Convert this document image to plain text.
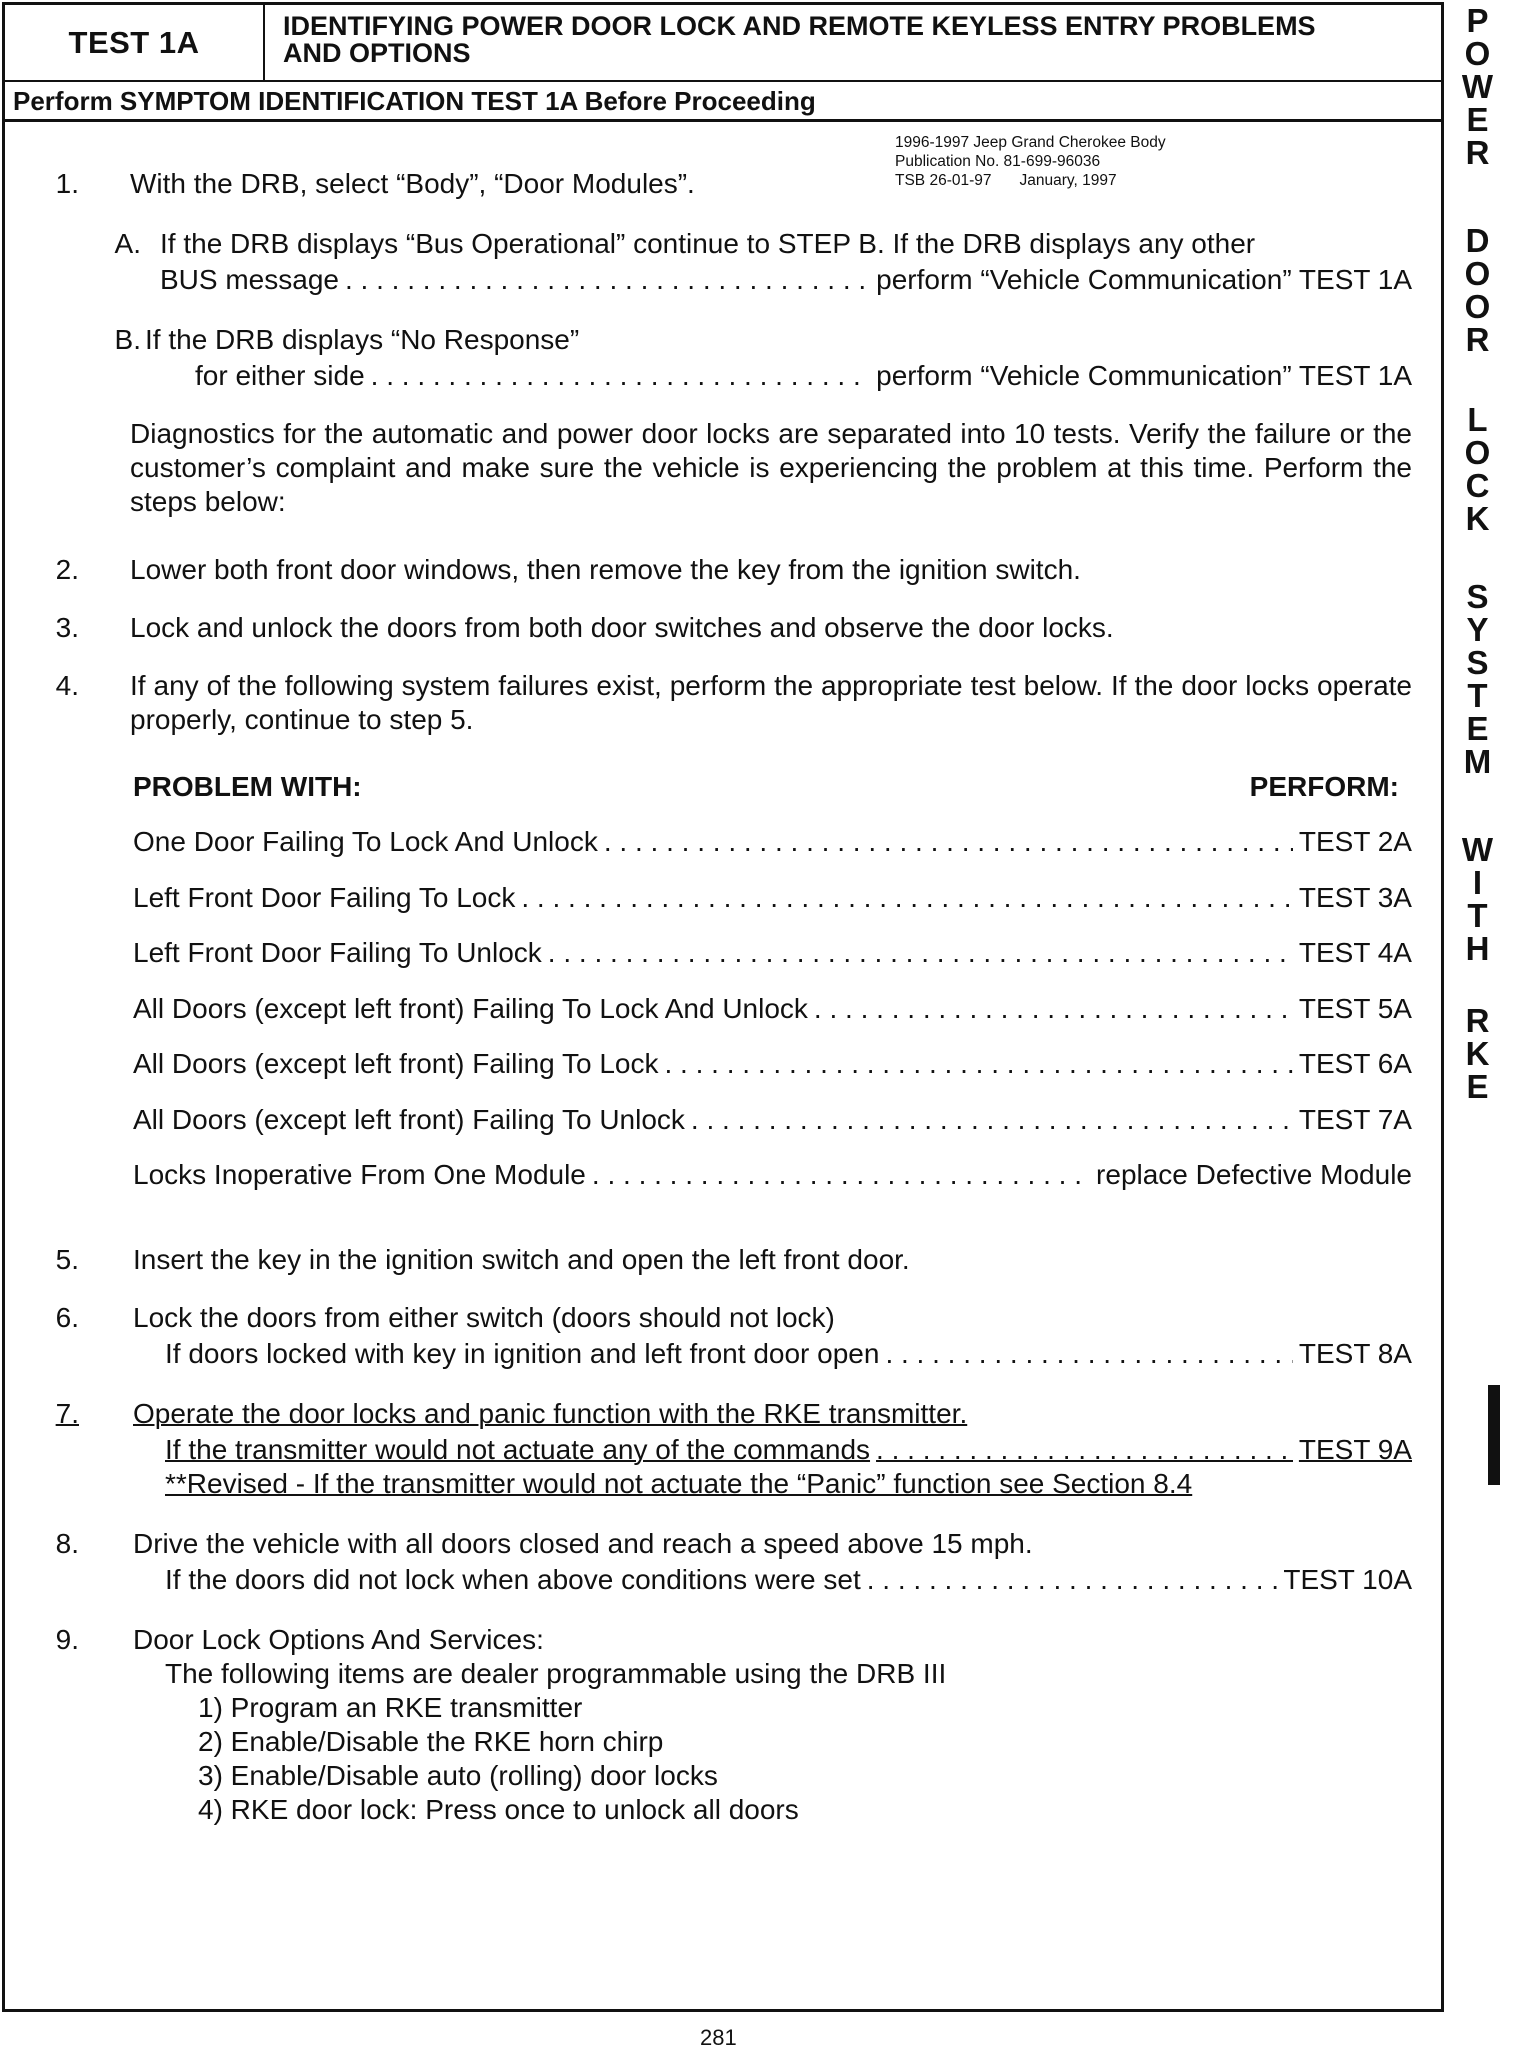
TEST 1A	IDENTIFYING POWER DOOR LOCK AND REMOTE KEYLESS ENTRY PROBLEMS
AND OPTIONS
Perform SYMPTOM IDENTIFICATION TEST 1A Before Proceeding
1996-1997 Jeep Grand Cherokee Body
Publication No. 81-699-96036
TSB 26-01-97 January, 1997
1. With the DRB, select “Body”, “Door Modules”.
A. If the DRB displays “Bus Operational” continue to STEP B. If the DRB displays any other
BUS message . . .	perform “Vehicle Communication” TEST 1A
B. If the DRB displays “No Response”
for either side . . .	perform “Vehicle Communication” TEST 1A
Diagnostics for the automatic and power door locks are separated into 10 tests. Verify the failure or the customer’s complaint and make sure the vehicle is experiencing the problem at this time. Perform the steps below:
2. Lower both front door windows, then remove the key from the ignition switch.
3. Lock and unlock the doors from both door switches and observe the door locks.
4. If any of the following system failures exist, perform the appropriate test below. If the door locks operate properly, continue to step 5.
PROBLEM WITH:	PERFORM:
One Door Failing To Lock And Unlock . . .	TEST 2A
Left Front Door Failing To Lock . . .	TEST 3A
Left Front Door Failing To Unlock . . .	TEST 4A
All Doors (except left front) Failing To Lock And Unlock . . .	TEST 5A
All Doors (except left front) Failing To Lock . . .	TEST 6A
All Doors (except left front) Failing To Unlock . . .	TEST 7A
Locks Inoperative From One Module . . .	replace Defective Module
5. Insert the key in the ignition switch and open the left front door.
6. Lock the doors from either switch (doors should not lock)
If doors locked with key in ignition and left front door open . . .	TEST 8A
7. Operate the door locks and panic function with the RKE transmitter.
If the transmitter would not actuate any of the commands . . .	TEST 9A
**Revised - If the transmitter would not actuate the “Panic” function see Section 8.4
8. Drive the vehicle with all doors closed and reach a speed above 15 mph.
If the doors did not lock when above conditions were set . . .	TEST 10A
9. Door Lock Options And Services:
The following items are dealer programmable using the DRB III
1) Program an RKE transmitter
2) Enable/Disable the RKE horn chirp
3) Enable/Disable auto (rolling) door locks
4) RKE door lock: Press once to unlock all doors
POWER
DOOR
LOCK
SYSTEM
WITH
RKE
281
